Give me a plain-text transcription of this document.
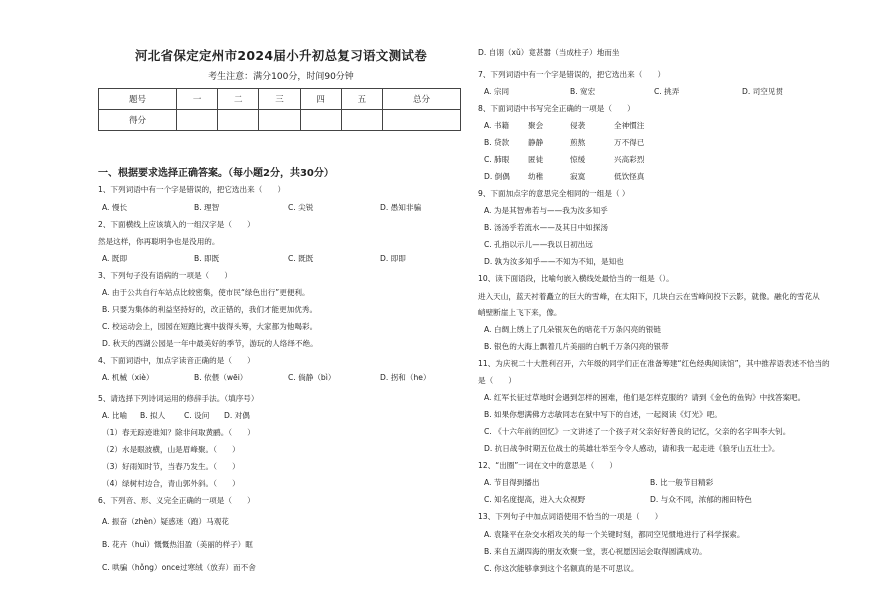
河北省保定定州市2024届小升初总复习语文测试卷
考生注意：满分100分，时间90分钟
题号	一	二	三	四	五	总分
得分						
一、根据要求选择正确答案。（每小题2分，共30分）
1、下列词语中有一个字是错误的，把它选出来（　　）
A. 慢长	B. 理智	C. 尖锐	D. 愚知非骗
2、下面横线上应该填入的一组汉字是（　　）
然是这样，你再聪明争也是没用的。
A. 既即	B. 即既	C. 既既	D. 即即
3、下列句子没有语病的一项是（　　）
A. 由于公共自行车站点比较密集，使市民“绿色出行”更便利。
B. 只要为集体的利益坚持好的，改正错的，我们才能更加优秀。
C. 校运动会上，园园在短跑比赛中拔得头筹，大家都为他喝彩。
D. 秋天的西湖公园是一年中最美好的季节，游玩的人络绎不绝。
4、下面词语中，加点字读音正确的是（　　）
A. 机械（xiè）	B. 依偎（wēi）	C. 倘静（bì）	D. 拐和（he）
5、请选择下列诗词运用的修辞手法。（填序号）
A. 比喻 B. 拟人 C. 设问 D. 对偶
（1）春无踪迹谁知？除非问取黄鹂。（　　）
（2）水是眼波横，山是眉峰聚。（　　）
（3）好雨知时节，当春乃发生。（　　）
（4）绿树村边合，青山郭外斜。（　　）
6、下列音、形、义完全正确的一项是（　　）
A. 振奋（zhèn）疑惑迷（跑）马观花
B. 花卉（huì）慨慨热泪盈（美丽的样子）眶
C. 哄骗（hǒng）once过寒绒（放弃）而不舍
D. 自诩（xǔ）竟甚嚣（当成柱子）地而坐
7、下列词语中有一个字是错误的，把它选出来（　　）
A. 宗同	B. 宽宏	C. 挑弄	D. 司空见贯
8、下面词语中书写完全正确的一项是（　　）
A. 书籍 聚会	侵袭	全神慣注
B. 贷款 静静	煎熬	万不得已
C. 肺眼 匿徒	惊缓	兴高彩烈
D. 倒偶 幼稚	寂寞	低饮怪真
9、下面加点字的意思完全相同的一组是（ ）
A. 为是其智弗若与——我为汝多知乎
B. 汤汤乎若流水——及其日中如探汤
C. 孔指以示儿——我以日初出远
D. 孰为汝多知乎——不知为不知，是知也
10、读下面语段，比喻句嵌入横线处最恰当的一组是（）。
进入天山，蓝天衬着矗立的巨大的雪峰，在太阳下，几块白云在雪峰间投下云影，就像。融化的雪花从
峭壁断崖上飞下来，像。
A. 白绸上绣上了几朵银灰色的暗花千万条闪亮的银链
B. 银色的大海上飘着几片美丽的白帆千万条闪亮的银带
11、为庆祝二十大胜利召开，六年级的同学们正在准备筹建“红色经典阅读馆”，其中推荐语表述不恰当的
是（　　）
A. 红军长征过草地时会遇到怎样的困难，他们是怎样克服的？请到《金色的鱼钩》中找答案吧。
B. 如果你想满佛方志敏同志在狱中写下的自述，一起阅读《灯光》吧。
C. 《十六年前的回忆》一文讲述了一个孩子对父亲好好善良的记忆，父亲的名字叫李大钊。
D. 抗日战争时期五位战士的英雄壮举至今令人感动，请和我一起走进《狼牙山五壮士》。
12、“出圈”一词在文中的意思是（　　）
A. 节目得到播出	B. 比一般节目精彩
C. 知名度提高，进入大众视野	D. 与众不同，浓郁的湘田特色
13、下列句子中加点词语使用不恰当的一项是（　　）
A. 袁隆平在杂交水稻攻关的每一个关键时刻，都同空见惯地进行了科学探索。
B. 来自五湖四海的朋友欢聚一堂，衷心祝愿因运会取得圆满成功。
C. 你这次能够拿到这个名额真的是不可思议。
